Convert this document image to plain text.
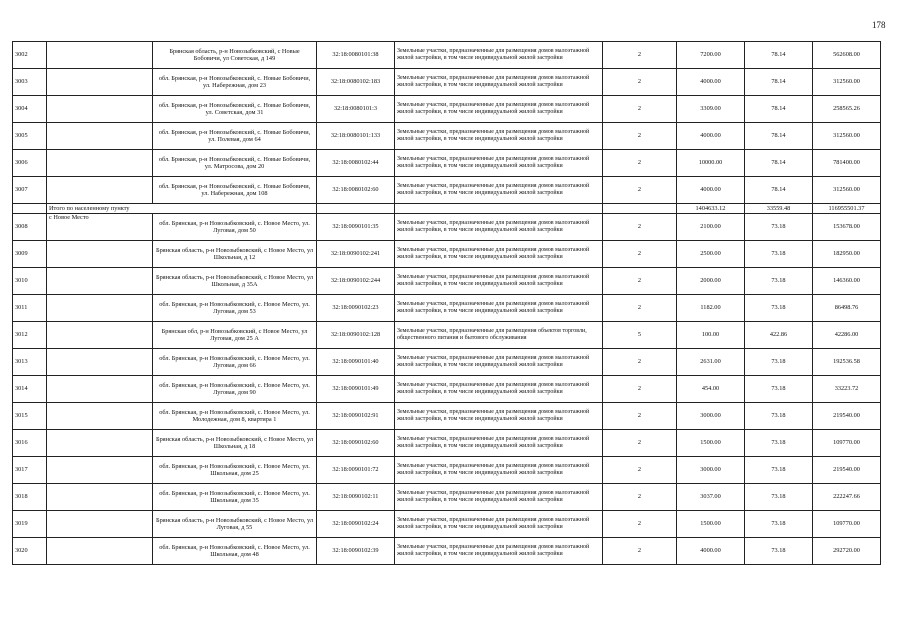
178
3002		Брянская область, р-н Новозыбковский, с Новые Бобовичи, ул Советская, д 149	32:18:0080101:38	Земельные участки, предназначенные для размещения домов малоэтажной жилой застройки, в том числе индивидуальной жилой застройки	2	7200.00	78.14	562608.00
3003		обл. Брянская, р-н Новозыбковский, с. Новые Бобовичи, ул. Набережная, дом 23	32:18:0080102:183	Земельные участки, предназначенные для размещения домов малоэтажной жилой застройки, в том числе индивидуальной жилой застройки	2	4000.00	78.14	312560.00
3004		обл. Брянская, р-н Новозыбковский, с. Новые Бобовичи, ул. Советская, дом 31	32:18:0080101:3	Земельные участки, предназначенные для размещения домов малоэтажной жилой застройки, в том числе индивидуальной жилой застройки	2	3309.00	78.14	258565.26
3005		обл. Брянская, р-н Новозыбковский, с. Новые Бобовичи, ул. Полевая, дом 64	32:18:0080101:133	Земельные участки, предназначенные для размещения домов малоэтажной жилой застройки, в том числе индивидуальной жилой застройки	2	4000.00	78.14	312560.00
3006		обл. Брянская, р-н Новозыбковский, с. Новые Бобовичи, ул. Матросова, дом 20	32:18:0080102:44	Земельные участки, предназначенные для размещения домов малоэтажной жилой застройки, в том числе индивидуальной жилой застройки	2	10000.00	78.14	781400.00
3007		обл. Брянская, р-н Новозыбковский, с. Новые Бобовичи, ул. Набережная, дом 108	32:18:0080102:60	Земельные участки, предназначенные для размещения домов малоэтажной жилой застройки, в том числе индивидуальной жилой застройки	2	4000.00	78.14	312560.00
	Итого по населенному пункту					1404633.12	33559.48	116955501.37
3008	с Новое Место	обл. Брянская, р-н Новозыбковский, с. Новое Место, ул. Луговая, дом 50	32:18:0090101:35	Земельные участки, предназначенные для размещения домов малоэтажной жилой застройки, в том числе индивидуальной жилой застройки	2	2100.00	73.18	153678.00
3009		Брянская область, р-н Новозыбковский, с Новое Место, ул Школьная, д 12	32:18:0090102:241	Земельные участки, предназначенные для размещения домов малоэтажной жилой застройки, в том числе индивидуальной жилой застройки	2	2500.00	73.18	182950.00
3010		Брянская область, р-н Новозыбковский, с Новое Место, ул Школьная, д 35А	32:18:0090102:244	Земельные участки, предназначенные для размещения домов малоэтажной жилой застройки, в том числе индивидуальной жилой застройки	2	2000.00	73.18	146360.00
3011		обл. Брянская, р-н Новозыбковский, с. Новое Место, ул. Луговая, дом 53	32:18:0090102:23	Земельные участки, предназначенные для размещения домов малоэтажной жилой застройки, в том числе индивидуальной жилой застройки	2	1182.00	73.18	86498.76
3012		Брянская обл, р-н Новозыбковский, с Новое Место, ул Луговая, дом 25 А	32:18:0090102:128	Земельные участки, предназначенные для размещения объектов торговли, общественного питания и бытового обслуживания	5	100.00	422.86	42286.00
3013		обл. Брянская, р-н Новозыбковский, с. Новое Место, ул. Луговая, дом 66	32:18:0090101:40	Земельные участки, предназначенные для размещения домов малоэтажной жилой застройки, в том числе индивидуальной жилой застройки	2	2631.00	73.18	192536.58
3014		обл. Брянская, р-н Новозыбковский, с. Новое Место, ул. Луговая, дом 90	32:18:0090101:49	Земельные участки, предназначенные для размещения домов малоэтажной жилой застройки, в том числе индивидуальной жилой застройки	2	454.00	73.18	33223.72
3015		обл. Брянская, р-н Новозыбковский, с. Новое Место, ул. Молодежная, дом 8, квартира 1	32:18:0090102:91	Земельные участки, предназначенные для размещения домов малоэтажной жилой застройки, в том числе индивидуальной жилой застройки	2	3000.00	73.18	219540.00
3016		Брянская область, р-н Новозыбковский, с Новое Место, ул Школьная, д 18	32:18:0090102:60	Земельные участки, предназначенные для размещения домов малоэтажной жилой застройки, в том числе индивидуальной жилой застройки	2	1500.00	73.18	109770.00
3017		обл. Брянская, р-н Новозыбковский, с. Новое Место, ул. Школьная, дом 25	32:18:0090101:72	Земельные участки, предназначенные для размещения домов малоэтажной жилой застройки, в том числе индивидуальной жилой застройки	2	3000.00	73.18	219540.00
3018		обл. Брянская, р-н Новозыбковский, с. Новое Место, ул. Школьная, дом 35	32:18:0090102:11	Земельные участки, предназначенные для размещения домов малоэтажной жилой застройки, в том числе индивидуальной жилой застройки	2	3037.00	73.18	222247.66
3019		Брянская область, р-н Новозыбковский, с Новое Место, ул Луговая, д 55	32:18:0090102:24	Земельные участки, предназначенные для размещения домов малоэтажной жилой застройки, в том числе индивидуальной жилой застройки	2	1500.00	73.18	109770.00
3020		обл. Брянская, р-н Новозыбковский, с. Новое Место, ул. Школьная, дом 48	32:18:0090102:39	Земельные участки, предназначенные для размещения домов малоэтажной жилой застройки, в том числе индивидуальной жилой застройки	2	4000.00	73.18	292720.00
